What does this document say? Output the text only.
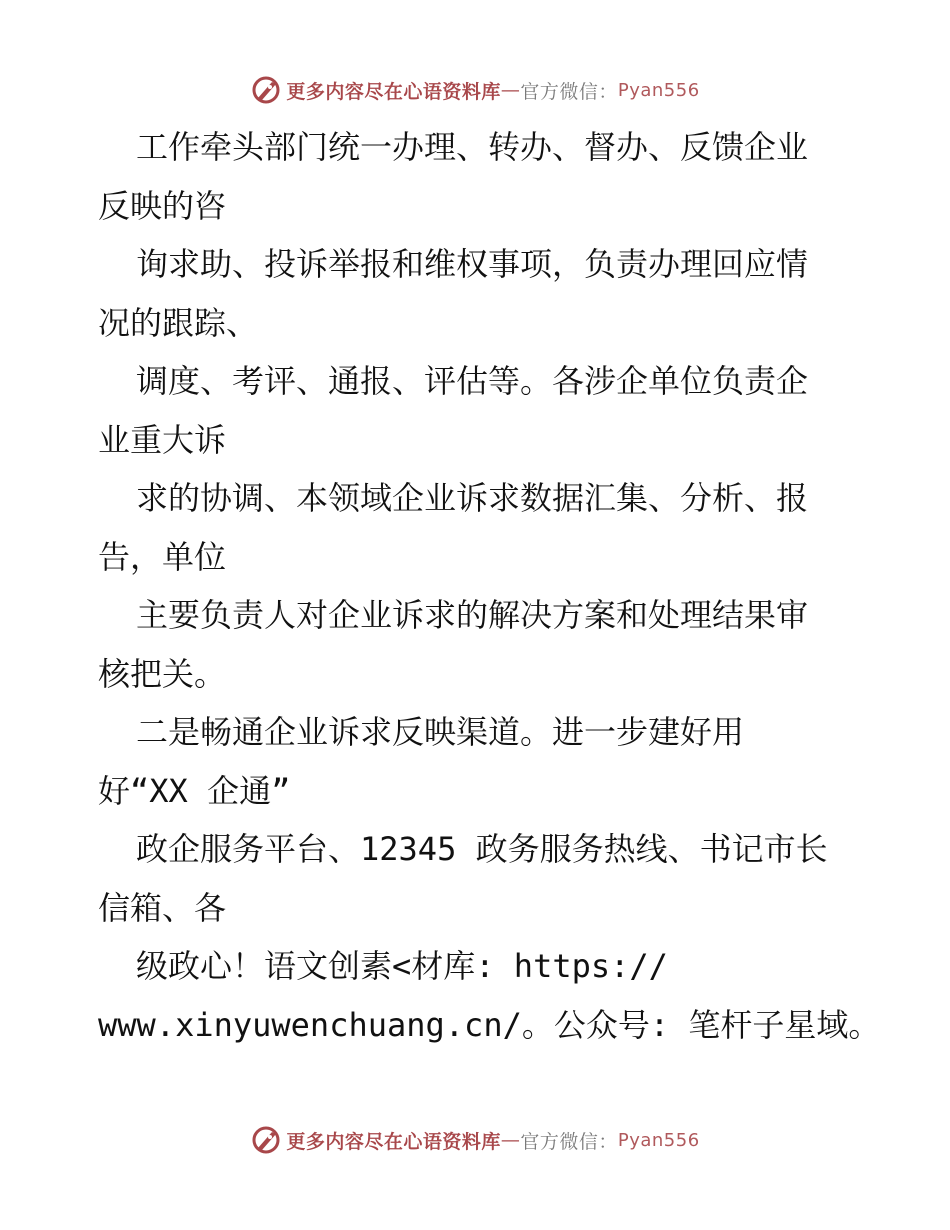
更多内容尽在心语资料库 — 官方微信： Pyan556
工作牵头部门统一办理、转办、督办、反馈企业
反映的咨
询求助、投诉举报和维权事项，负责办理回应情
况的跟踪、
调度、考评、通报、评估等。各涉企单位负责企
业重大诉
求的协调、本领域企业诉求数据汇集、分析、报
告，单位
主要负责人对企业诉求的解决方案和处理结果审
核把关。
二是畅通企业诉求反映渠道。进一步建好用
好“XX 企通”
政企服务平台、12345 政务服务热线、书记市长
信箱、各
级政心！语文创素<材库: https://
www.xinyuwenchuang.cn/。公众号: 笔杆子星域。
更多内容尽在心语资料库 — 官方微信： Pyan556
